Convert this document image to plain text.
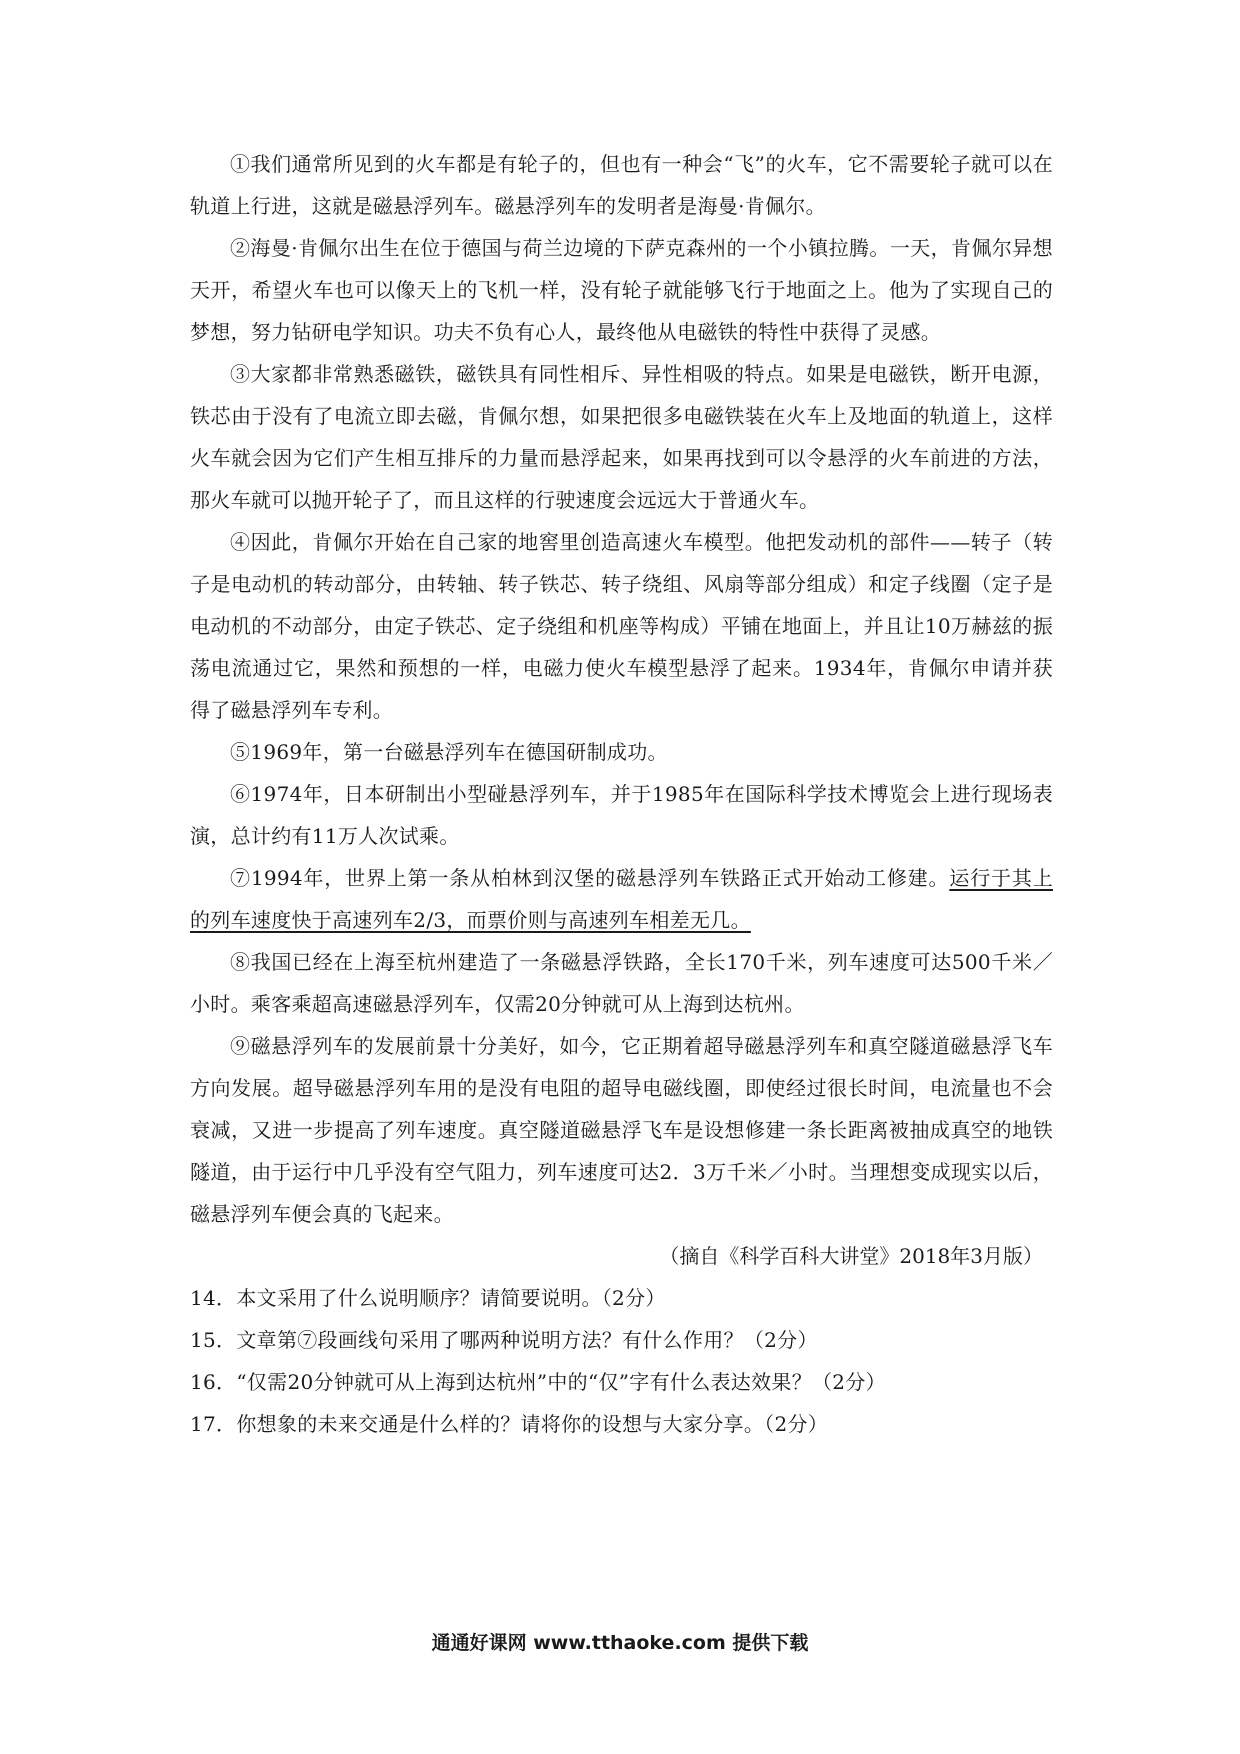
①我们通常所见到的火车都是有轮子的，但也有一种会“飞”的火车，它不需要轮子就可以在轨道上行进，这就是磁悬浮列车。磁悬浮列车的发明者是海曼·肯佩尔。

②海曼·肯佩尔出生在位于德国与荷兰边境的下萨克森州的一个小镇拉腾。一天，肯佩尔异想天开，希望火车也可以像天上的飞机一样，没有轮子就能够飞行于地面之上。他为了实现自己的梦想，努力钻研电学知识。功夫不负有心人，最终他从电磁铁的特性中获得了灵感。

③大家都非常熟悉磁铁，磁铁具有同性相斥、异性相吸的特点。如果是电磁铁，断开电源，铁芯由于没有了电流立即去磁，肯佩尔想，如果把很多电磁铁装在火车上及地面的轨道上，这样火车就会因为它们产生相互排斥的力量而悬浮起来，如果再找到可以令悬浮的火车前进的方法，那火车就可以抛开轮子了，而且这样的行驶速度会远远大于普通火车。

④因此，肯佩尔开始在自己家的地窖里创造高速火车模型。他把发动机的部件——转子（转子是电动机的转动部分，由转轴、转子铁芯、转子绕组、风扇等部分组成）和定子线圈（定子是电动机的不动部分，由定子铁芯、定子绕组和机座等构成）平铺在地面上，并且让10万赫兹的振荡电流通过它，果然和预想的一样，电磁力使火车模型悬浮了起来。1934年，肯佩尔申请并获得了磁悬浮列车专利。

⑤1969年，第一台磁悬浮列车在德国研制成功。

⑥1974年，日本研制出小型碰悬浮列车，并于1985年在国际科学技术博览会上进行现场表演，总计约有11万人次试乘。

⑦1994年，世界上第一条从柏林到汉堡的磁悬浮列车铁路正式开始动工修建。运行于其上的列车速度快于高速列车2/3，而票价则与高速列车相差无几。

⑧我国已经在上海至杭州建造了一条磁悬浮铁路，全长170千米，列车速度可达500千米／小时。乘客乘超高速磁悬浮列车，仅需20分钟就可从上海到达杭州。

⑨磁悬浮列车的发展前景十分美好，如今，它正期着超导磁悬浮列车和真空隧道磁悬浮飞车方向发展。超导磁悬浮列车用的是没有电阻的超导电磁线圈，即使经过很长时间，电流量也不会衰减，又进一步提高了列车速度。真空隧道磁悬浮飞车是设想修建一条长距离被抽成真空的地铁隧道，由于运行中几乎没有空气阻力，列车速度可达2．3万千米／小时。当理想变成现实以后，磁悬浮列车便会真的飞起来。

（摘自《科学百科大讲堂》2018年3月版）

14．本文采用了什么说明顺序？请简要说明。（2分）

15．文章第⑦段画线句采用了哪两种说明方法？有什么作用？（2分）

16．“仅需20分钟就可从上海到达杭州”中的“仅”字有什么表达效果？（2分）

17．你想象的未来交通是什么样的？请将你的设想与大家分享。（2分）

通通好课网 www.tthaoke.com 提供下载
